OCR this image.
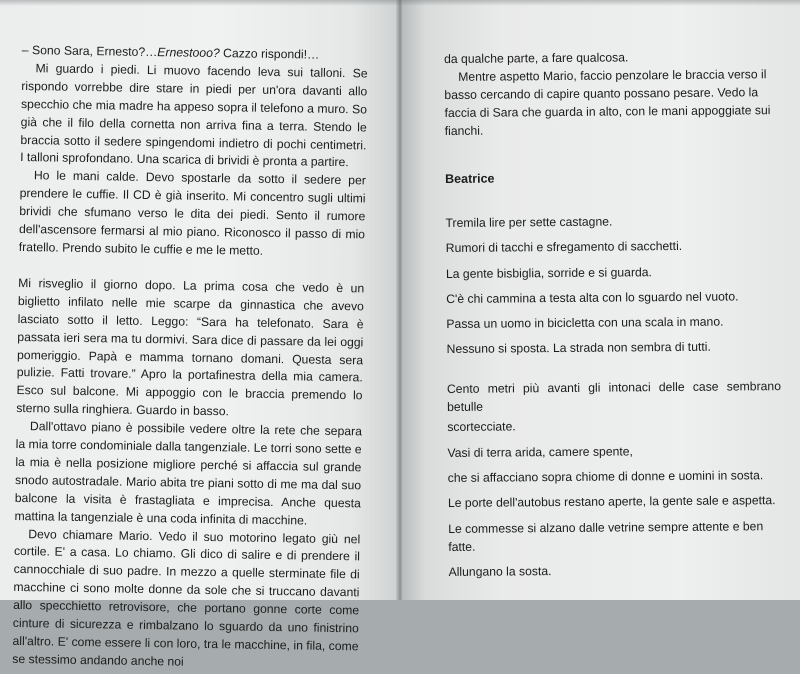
– Sono Sara, Ernesto?…Ernestooo? Cazzo rispondi!…

Mi guardo i piedi. Li muovo facendo leva sui talloni. Se rispondo vorrebbe dire stare in piedi per un'ora davanti allo specchio che mia madre ha appeso sopra il telefono a muro. So già che il filo della cornetta non arriva fina a terra. Stendo le braccia sotto il sedere spingendomi indietro di pochi centimetri. I talloni sprofondano. Una scarica di brividi è pronta a partire.

Ho le mani calde. Devo spostarle da sotto il sedere per prendere le cuffie. Il CD è già inserito. Mi concentro sugli ultimi brividi che sfumano verso le dita dei piedi. Sento il rumore dell'ascensore fermarsi al mio piano. Riconosco il passo di mio fratello. Prendo subito le cuffie e me le metto.

Mi risveglio il giorno dopo. La prima cosa che vedo è un biglietto infilato nelle mie scarpe da ginnastica che avevo lasciato sotto il letto. Leggo: “Sara ha telefonato. Sara è passata ieri sera ma tu dormivi. Sara dice di passare da lei oggi pomeriggio. Papà e mamma tornano domani. Questa sera pulizie. Fatti trovare.” Apro la portafinestra della mia camera. Esco sul balcone. Mi appoggio con le braccia premendo lo sterno sulla ringhiera. Guardo in basso.

Dall'ottavo piano è possibile vedere oltre la rete che separa la mia torre condominiale dalla tangenziale. Le torri sono sette e la mia è nella posizione migliore perché si affaccia sul grande snodo autostradale. Mario abita tre piani sotto di me ma dal suo balcone la visita è frastagliata e imprecisa. Anche questa mattina la tangenziale è una coda infinita di macchine.

Devo chiamare Mario. Vedo il suo motorino legato giù nel cortile. E' a casa. Lo chiamo. Gli dico di salire e di prendere il cannocchiale di suo padre. In mezzo a quelle sterminate file di macchine ci sono molte donne da sole che si truccano davanti allo specchietto retrovisore, che portano gonne corte come cinture di sicurezza e rimbalzano lo sguardo da uno finistrino all'altro. E' come essere li con loro, tra le macchine, in fila, come se stessimo andando anche noi

da qualche parte, a fare qualcosa.

Mentre aspetto Mario, faccio penzolare le braccia verso il basso cercando di capire quanto possano pesare. Vedo la faccia di Sara che guarda in alto, con le mani appoggiate sui fianchi.

Beatrice

Tremila lire per sette castagne.

Rumori di tacchi e sfregamento di sacchetti.

La gente bisbiglia, sorride e si guarda.

C'è chi cammina a testa alta con lo sguardo nel vuoto.

Passa un uomo in bicicletta con una scala in mano.

Nessuno si sposta. La strada non sembra di tutti.

Cento metri più avanti gli intonaci delle case sembrano betulle

scortecciate.

Vasi di terra arida, camere spente,

che si affacciano sopra chiome di donne e uomini in sosta.

Le porte dell'autobus restano aperte, la gente sale e aspetta.

Le commesse si alzano dalle vetrine sempre attente e ben fatte.

Allungano la sosta.
